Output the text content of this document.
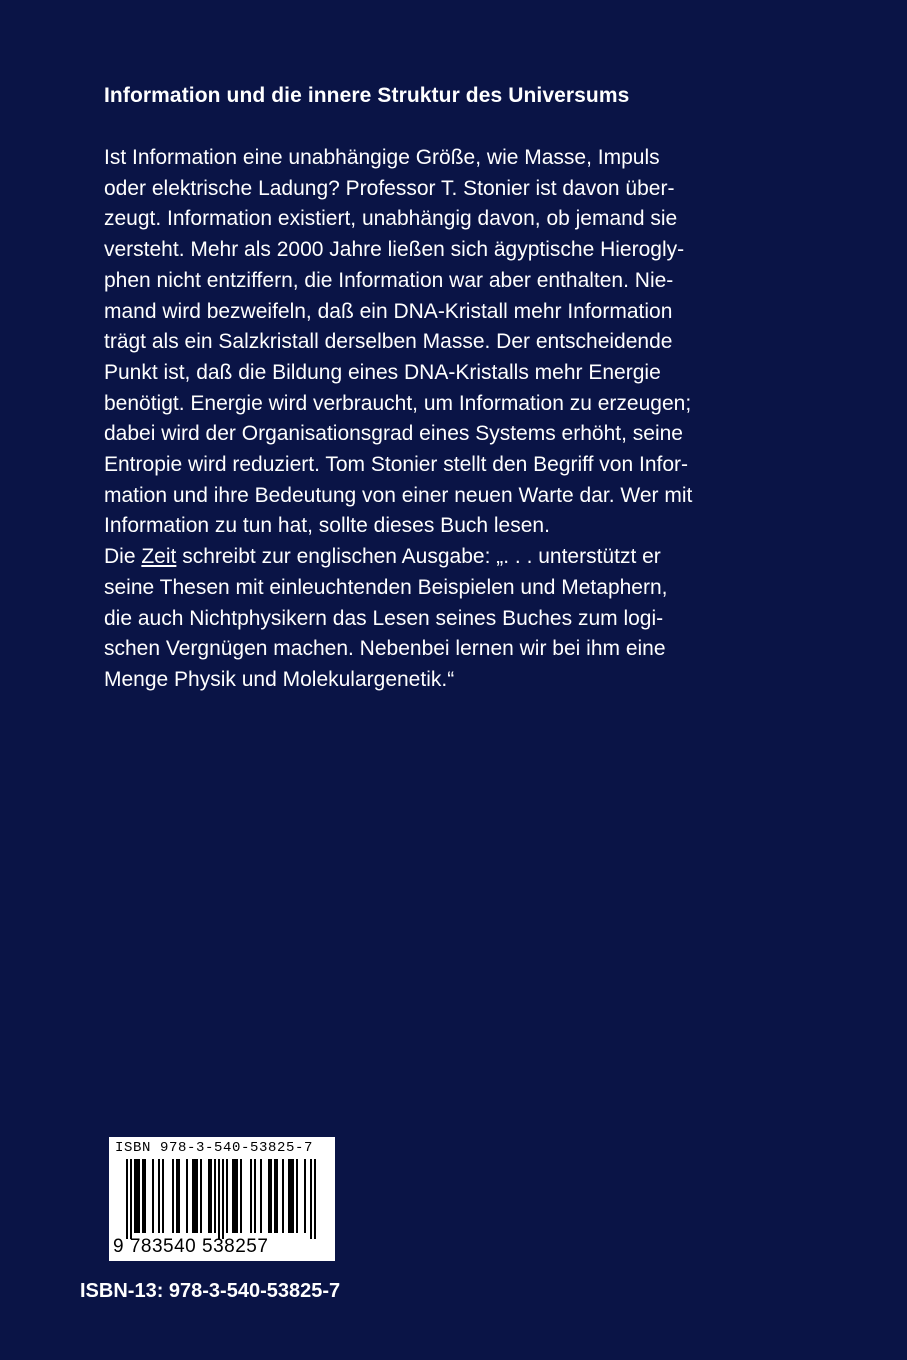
Information und die innere Struktur des Universums
Ist Information eine unabhängige Größe, wie Masse, Impuls
oder elektrische Ladung? Professor T. Stonier ist davon über-
zeugt. Information existiert, unabhängig davon, ob jemand sie
versteht. Mehr als 2000 Jahre ließen sich ägyptische Hierogly-
phen nicht entziffern, die Information war aber enthalten. Nie-
mand wird bezweifeln, daß ein DNA-Kristall mehr Information
trägt als ein Salzkristall derselben Masse. Der entscheidende
Punkt ist, daß die Bildung eines DNA-Kristalls mehr Energie
benötigt. Energie wird verbraucht, um Information zu erzeugen;
dabei wird der Organisationsgrad eines Systems erhöht, seine
Entropie wird reduziert. Tom Stonier stellt den Begriff von Infor-
mation und ihre Bedeutung von einer neuen Warte dar. Wer mit
Information zu tun hat, sollte dieses Buch lesen.
Die Zeit schreibt zur englischen Ausgabe: „. . . unterstützt er
seine Thesen mit einleuchtenden Beispielen und Metaphern,
die auch Nichtphysikern das Lesen seines Buches zum logi-
schen Vergnügen machen. Nebenbei lernen wir bei ihm eine
Menge Physik und Molekulargenetik.“
ISBN 978-3-540-53825-7
9 783540 538257
ISBN-13: 978-3-540-53825-7
